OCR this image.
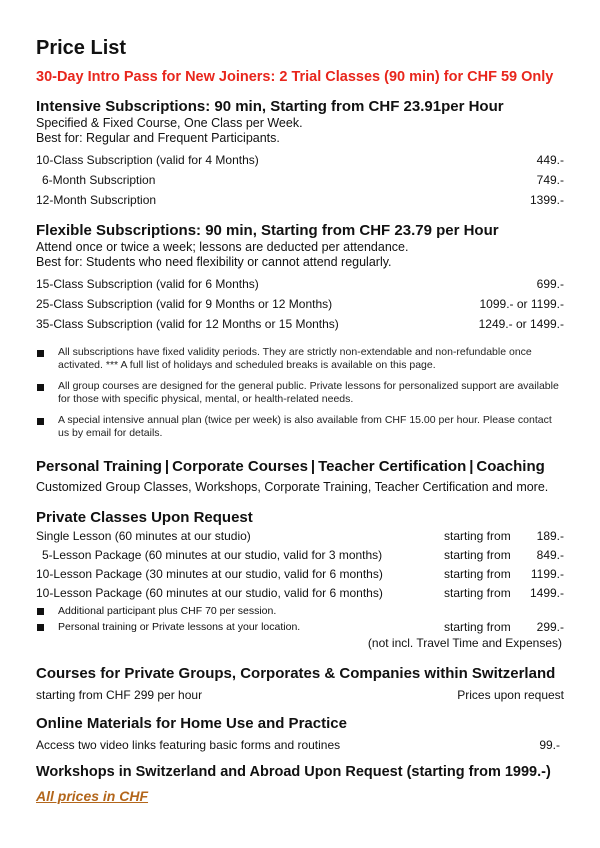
Price List
30-Day Intro Pass for New Joiners: 2 Trial Classes (90 min) for CHF 59 Only
Intensive Subscriptions: 90 min, Starting from CHF 23.91per Hour
Specified & Fixed Course, One Class per Week.
Best for: Regular and Frequent Participants.
10-Class Subscription (valid for 4 Months)	449.-
6-Month Subscription	749.-
12-Month Subscription	1399.-
Flexible Subscriptions: 90 min, Starting from CHF 23.79 per Hour
Attend once or twice a week; lessons are deducted per attendance.
Best for: Students who need flexibility or cannot attend regularly.
15-Class Subscription (valid for 6 Months)	699.-
25-Class Subscription (valid for 9 Months or 12 Months)	1099.- or 1199.-
35-Class Subscription (valid for 12 Months or 15 Months)	1249.- or 1499.-
All subscriptions have fixed validity periods. They are strictly non-extendable and non-refundable once activated. *** A full list of holidays and scheduled breaks is available on this page.
All group courses are designed for the general public. Private lessons for personalized support are available for those with specific physical, mental, or health-related needs.
A special intensive annual plan (twice per week) is also available from CHF 15.00 per hour. Please contact us by email for details.
Personal Training | Corporate Courses | Teacher Certification | Coaching
Customized Group Classes, Workshops, Corporate Training, Teacher Certification and more.
Private Classes Upon Request
Single Lesson (60 minutes at our studio)	starting from	189.-
5-Lesson Package (60 minutes at our studio, valid for 3 months)	starting from	849.-
10-Lesson Package (30 minutes at our studio, valid for 6 months)	starting from	1199.-
10-Lesson Package (60 minutes at our studio, valid for 6 months)	starting from	1499.-
Additional participant plus CHF 70 per session.
Personal training or Private lessons at your location.	starting from	299.-
(not incl. Travel Time and Expenses)
Courses for Private Groups, Corporates & Companies within Switzerland
starting from CHF 299 per hour	Prices upon request
Online Materials for Home Use and Practice
Access two video links featuring basic forms and routines	99.-
Workshops in Switzerland and Abroad Upon Request (starting from 1999.-)
All prices in CHF
